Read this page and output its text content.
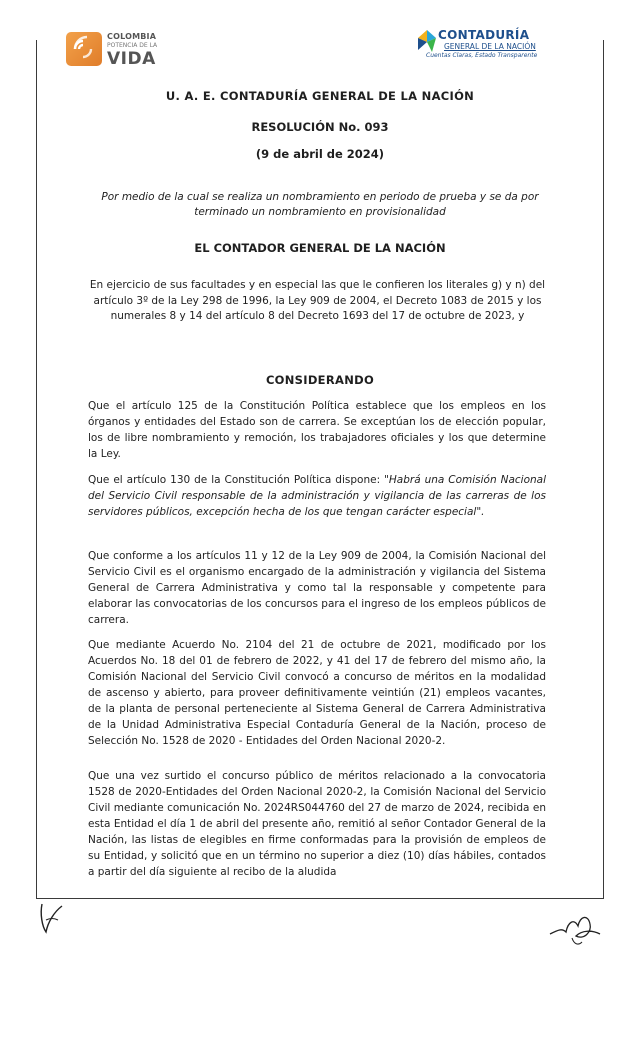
COLOMBIA
POTENCIA DE LA
VIDA
CONTADURÍA
GENERAL DE LA NACIÓN
Cuentas Claras, Estado Transparente
U. A. E. CONTADURÍA GENERAL DE LA NACIÓN
RESOLUCIÓN No. 093
(9 de abril de 2024)
Por medio de la cual se realiza un nombramiento en periodo de prueba y se da por terminado un nombramiento en provisionalidad
EL CONTADOR GENERAL DE LA NACIÓN
En ejercicio de sus facultades y en especial las que le confieren los literales g) y n) del artículo 3º de la Ley 298 de 1996, la Ley 909 de 2004, el Decreto 1083 de 2015 y los numerales 8 y 14 del artículo 8 del Decreto 1693 del 17 de octubre de 2023, y
CONSIDERANDO

Que el artículo 125 de la Constitución Política establece que los empleos en los órganos y entidades del Estado son de carrera. Se exceptúan los de elección popular, los de libre nombramiento y remoción, los trabajadores oficiales y los que determine la Ley.

Que el artículo 130 de la Constitución Política dispone: "Habrá una Comisión Nacional del Servicio Civil responsable de la administración y vigilancia de las carreras de los servidores públicos, excepción hecha de los que tengan carácter especial".

Que conforme a los artículos 11 y 12 de la Ley 909 de 2004, la Comisión Nacional del Servicio Civil es el organismo encargado de la administración y vigilancia del Sistema General de Carrera Administrativa y como tal la responsable y competente para elaborar las convocatorias de los concursos para el ingreso de los empleos públicos de carrera.

Que mediante Acuerdo No. 2104 del 21 de octubre de 2021, modificado por los Acuerdos No. 18 del 01 de febrero de 2022, y 41 del 17 de febrero del mismo año, la Comisión Nacional del Servicio Civil convocó a concurso de méritos en la modalidad de ascenso y abierto, para proveer definitivamente veintiún (21) empleos vacantes, de la planta de personal perteneciente al Sistema General de Carrera Administrativa de la Unidad Administrativa Especial Contaduría General de la Nación, proceso de Selección No. 1528 de 2020 - Entidades del Orden Nacional 2020-2.

Que una vez surtido el concurso público de méritos relacionado a la convocatoria 1528 de 2020-Entidades del Orden Nacional 2020-2, la Comisión Nacional del Servicio Civil mediante comunicación No. 2024RS044760 del 27 de marzo de 2024, recibida en esta Entidad el día 1 de abril del presente año, remitió al señor Contador General de la Nación, las listas de elegibles en firme conformadas para la provisión de empleos de su Entidad, y solicitó que en un término no superior a diez (10) días hábiles, contados a partir del día siguiente al recibo de la aludida
